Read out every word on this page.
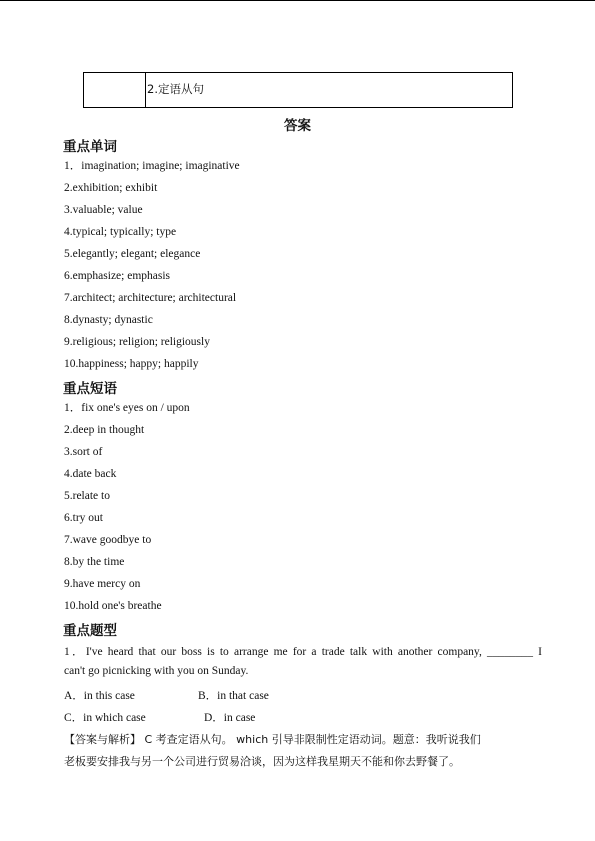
2.定语从句
答案
重点单词
1．imagination; imagine; imaginative
2.exhibition; exhibit
3.valuable; value
4.typical; typically; type
5.elegantly; elegant; elegance
6.emphasize; emphasis
7.architect; architecture; architectural
8.dynasty; dynastic
9.religious; religion; religiously
10.happiness; happy; happily
重点短语
1．fix one's eyes on / upon
2.deep in thought
3.sort of
4.date back
5.relate to
6.try out
7.wave goodbye to
8.by the time
9.have mercy on
10.hold one's breathe
重点题型
1．I've heard that our boss is to arrange me for a trade talk with another company, ________ I
can't go picnicking with you on Sunday.
A．in this case	B．in that case
C．in which case	D．in case
【答案与解析】 C 考查定语从句。 which 引导非限制性定语动词。题意：我听说我们
老板要安排我与另一个公司进行贸易洽谈，因为这样我星期天不能和你去野餐了。
